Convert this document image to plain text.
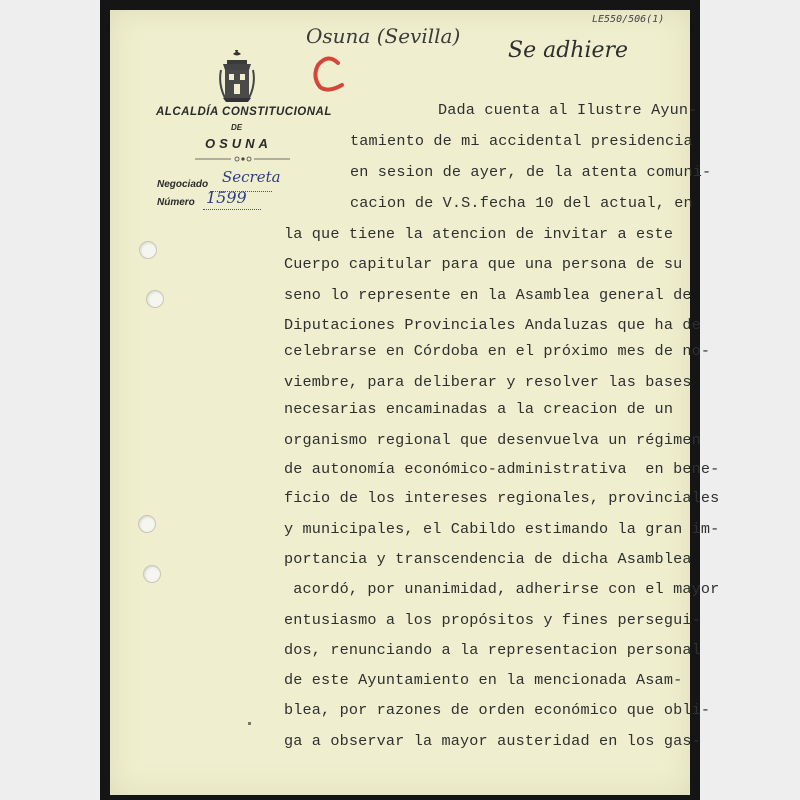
ALCALDÍA CONSTITUCIONAL
DE
OSUNA
Negociado Secreta
Número 1599
Osuna (Sevilla)
Se adhiere
LE550/506(1)
Dada cuenta al Ilustre Ayun-
tamiento de mi accidental presidencia
en sesion de ayer, de la atenta comuni-
cacion de V.S.fecha 10 del actual, en
la que tiene la atencion de invitar a este
Cuerpo capitular para que una persona de su
seno lo represente en la Asamblea general de
Diputaciones Provinciales Andaluzas que ha de
celebrarse en Córdoba en el próximo mes de no-
viembre, para deliberar y resolver las bases
necesarias encaminadas a la creacion de un
organismo regional que desenvuelva un régimen
de autonomía económico-administrativa  en bene-
ficio de los intereses regionales, provinciales
y municipales, el Cabildo estimando la gran im-
portancia y transcendencia de dicha Asamblea
acordó, por unanimidad, adherirse con el mayor
entusiasmo a los propósitos y fines persegui-
dos, renunciando a la representacion personal
de este Ayuntamiento en la mencionada Asam-
blea, por razones de orden económico que obli-
ga a observar la mayor austeridad en los gas-
